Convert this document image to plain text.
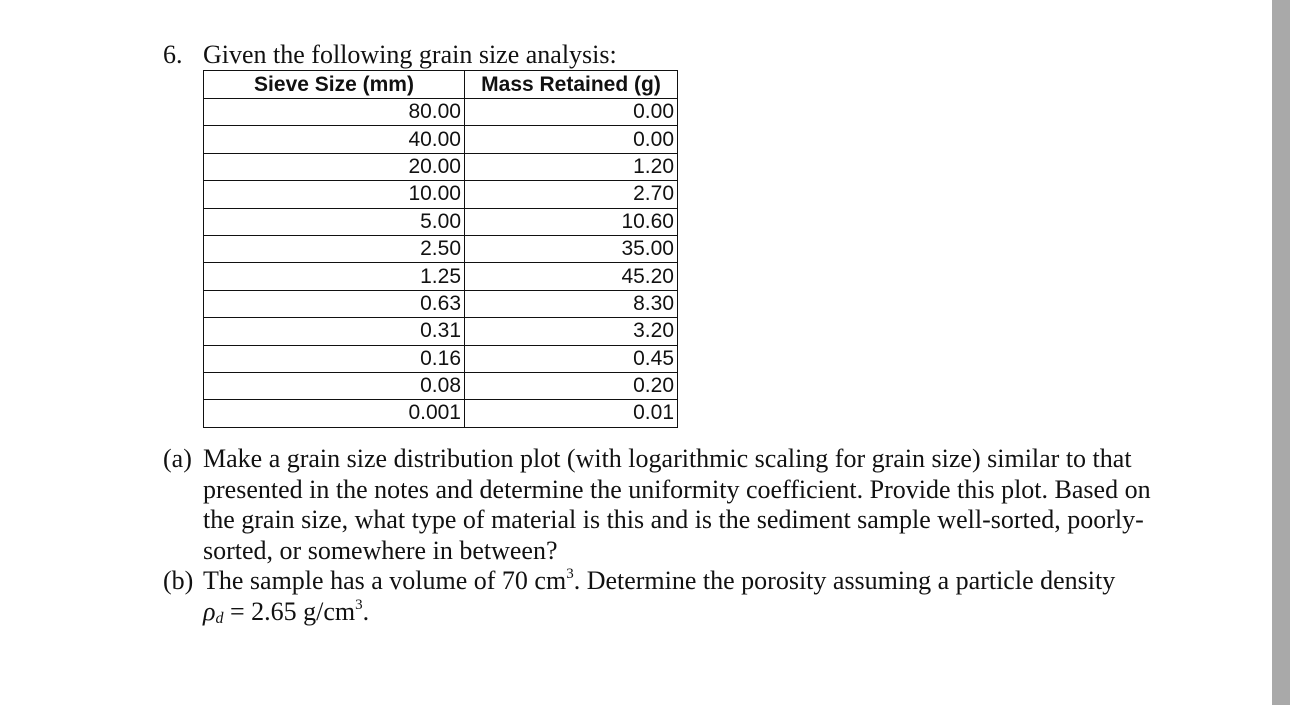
6. Given the following grain size analysis:
Sieve Size (mm)	Mass Retained (g)
80.00	0.00
40.00	0.00
20.00	1.20
10.00	2.70
5.00	10.60
2.50	35.00
1.25	45.20
0.63	8.30
0.31	3.20
0.16	0.45
0.08	0.20
0.001	0.01
(a) Make a grain size distribution plot (with logarithmic scaling for grain size) similar to that presented in the notes and determine the uniformity coefficient. Provide this plot. Based on the grain size, what type of material is this and is the sediment sample well-sorted, poorly-sorted, or somewhere in between?
(b) The sample has a volume of 70 $cm^3$. Determine the porosity assuming a particle density
$\rho_d = 2.65$ $g/cm^3$.
